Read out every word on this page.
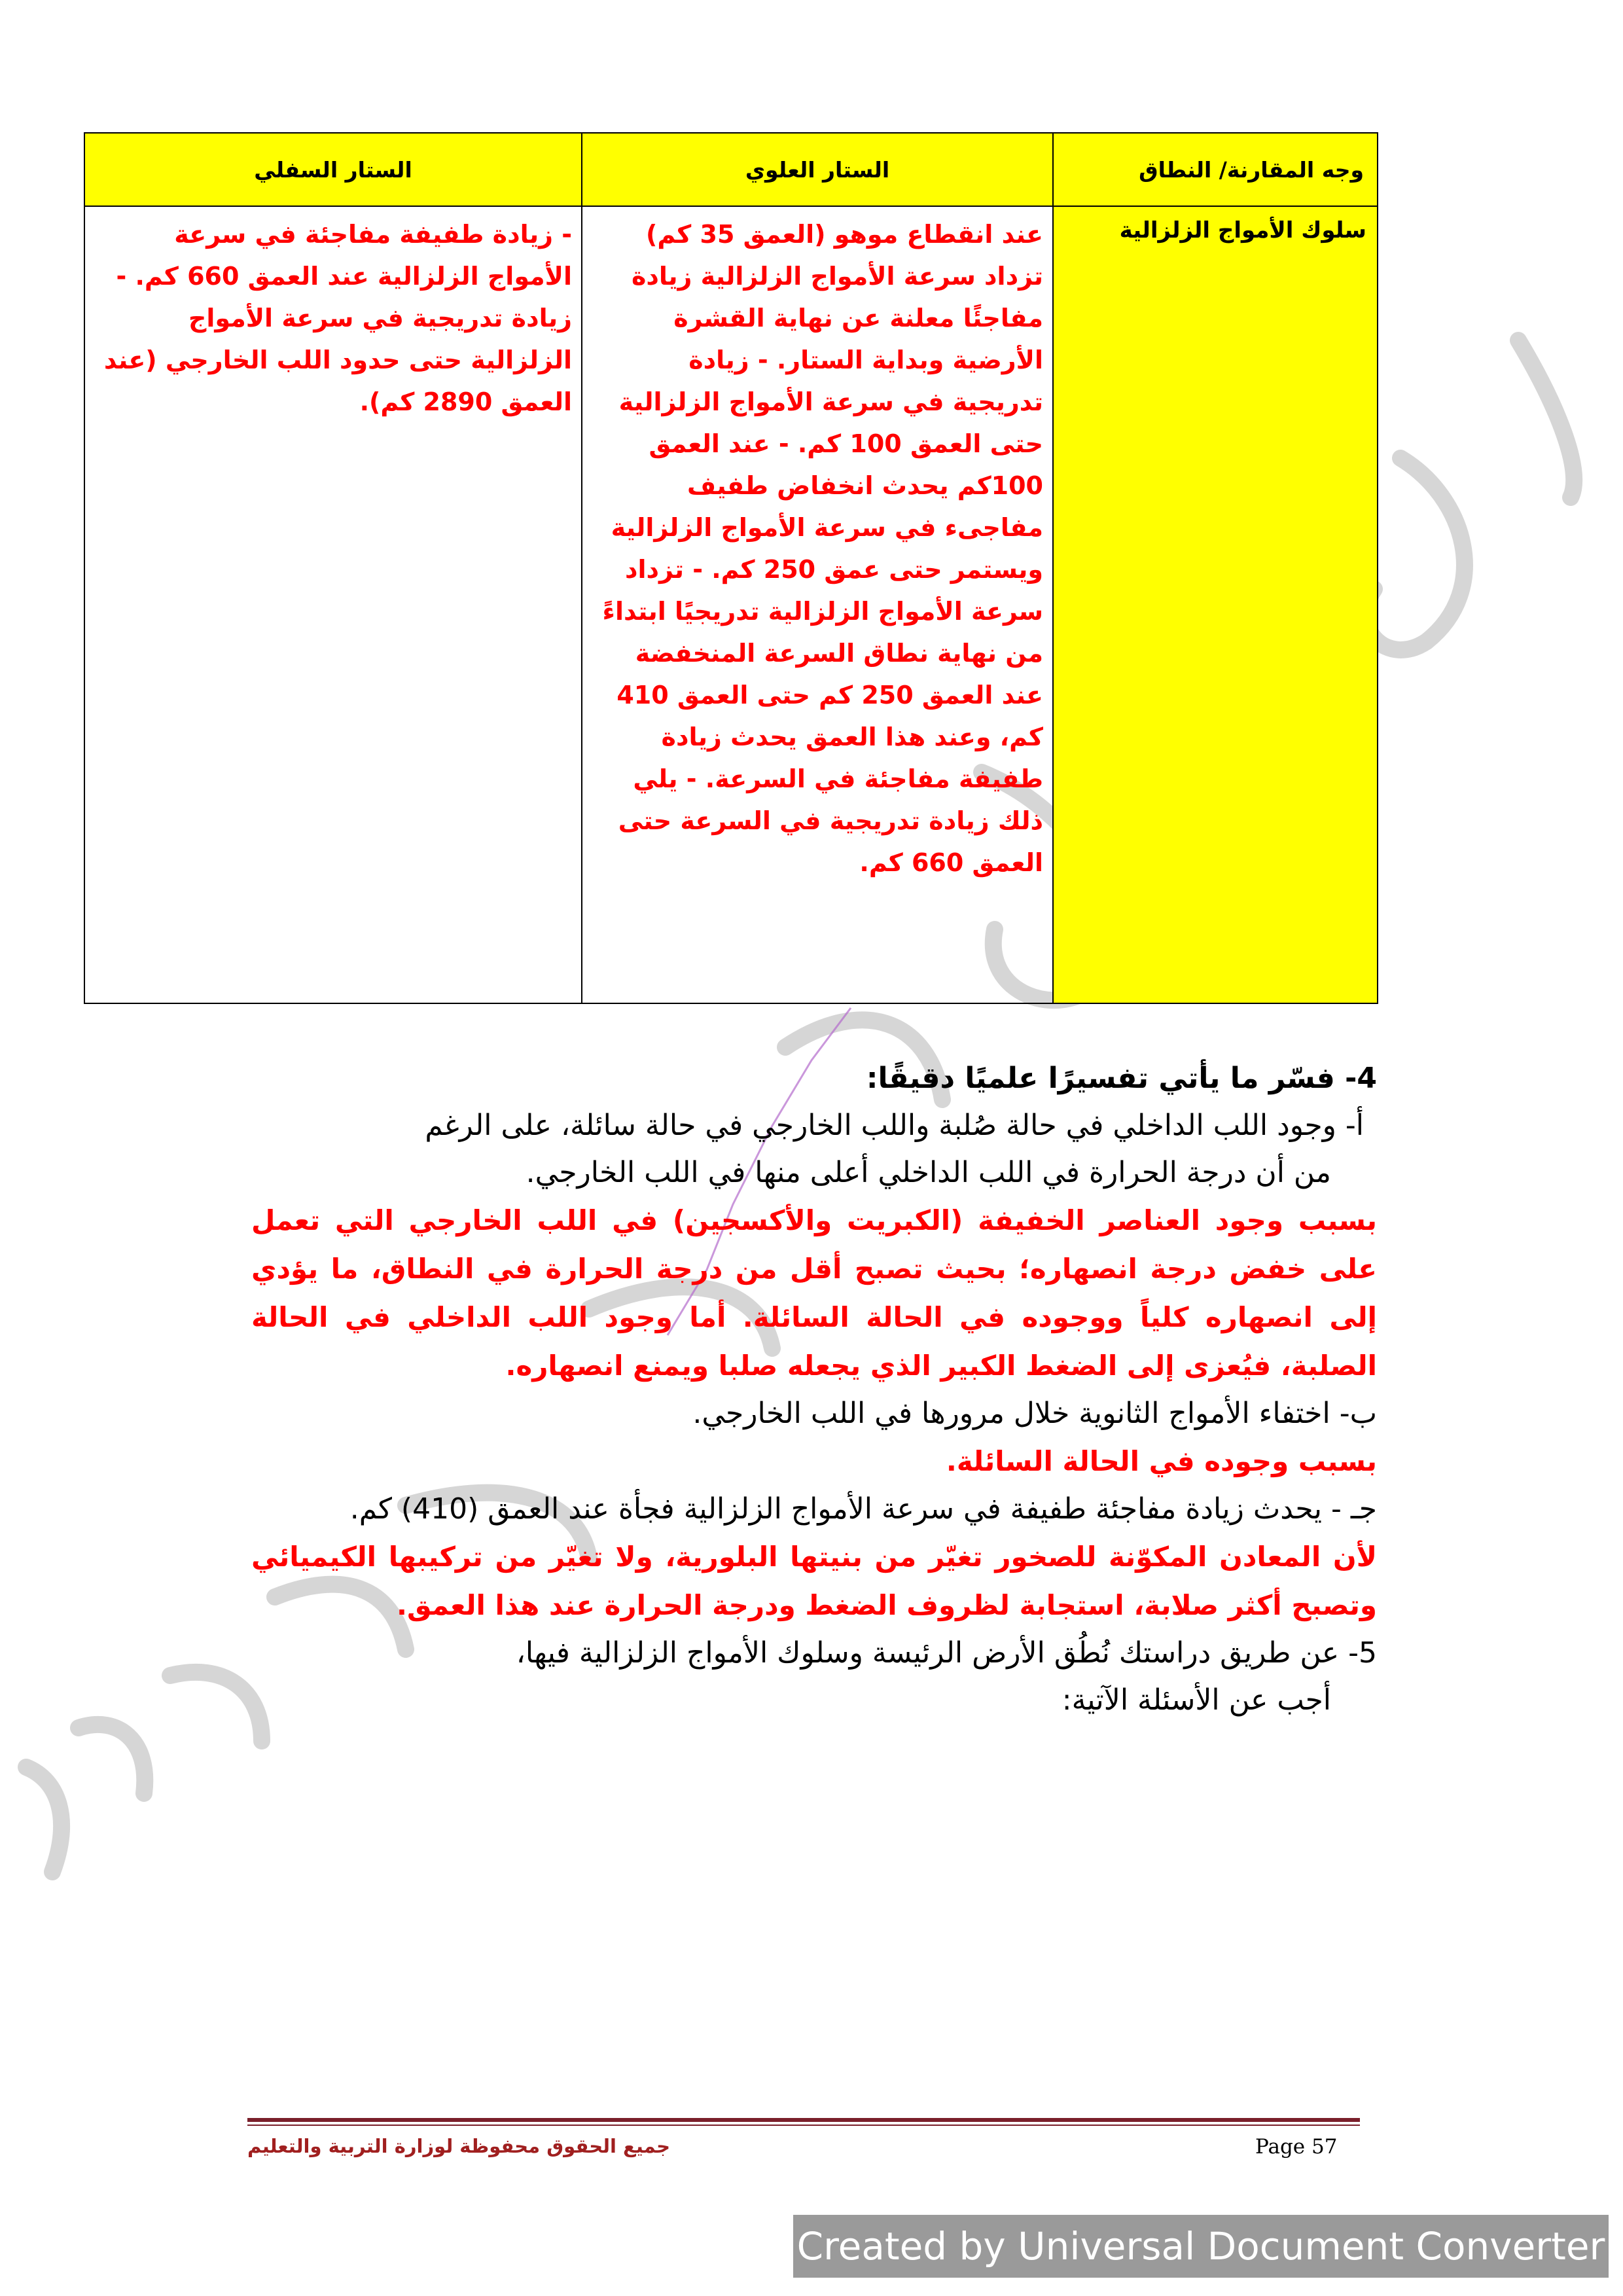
وجه المقارنة/ النطاق	الستار العلوي	الستار السفلي
سلوك الأمواج الزلزالية	عند انقطاع موهو (العمق 35 كم) تزداد سرعة الأمواج الزلزالية زيادة مفاجئًا معلنة عن نهاية القشرة الأرضية وبداية الستار. - زيادة تدريجية في سرعة الأمواج الزلزالية حتى العمق 100 كم. - عند العمق 100كم يحدث انخفاض طفيف مفاجىء في سرعة الأمواج الزلزالية ويستمر حتى عمق 250 كم. - تزداد سرعة الأمواج الزلزالية تدريجيًا ابتداءً من نهاية نطاق السرعة المنخفضة عند العمق 250 كم حتى العمق 410 كم، وعند هذا العمق يحدث زيادة طفيفة مفاجئة في السرعة. - يلي ذلك زيادة تدريجية في السرعة حتى العمق 660 كم.	- زيادة طفيفة مفاجئة في سرعة الأمواج الزلزالية عند العمق 660 كم. - زيادة تدريجية في سرعة الأمواج الزلزالية حتى حدود اللب الخارجي (عند العمق 2890 كم).
4- فسّر ما يأتي تفسيرًا علميًا دقيقًا:
أ- وجود اللب الداخلي في حالة صُلبة واللب الخارجي في حالة سائلة، على الرغم
من أن درجة الحرارة في اللب الداخلي أعلى منها في اللب الخارجي.
بسبب وجود العناصر الخفيفة (الكبريت والأكسجين) في اللب الخارجي التي تعمل على خفض درجة انصهاره؛ بحيث تصبح أقل من درجة الحرارة في النطاق، ما يؤدي إلى انصهاره كلياً ووجوده في الحالة السائلة. أما وجود اللب الداخلي في الحالة الصلبة، فيُعزى إلى الضغط الكبير الذي يجعله صلبا ويمنع انصهاره.
ب- اختفاء الأمواج الثانوية خلال مرورها في اللب الخارجي.
بسبب وجوده في الحالة السائلة.
جـ - يحدث زيادة مفاجئة طفيفة في سرعة الأمواج الزلزالية فجأة عند العمق (410) كم.
لأن المعادن المكوّنة للصخور تغيّر من بنيتها البلورية، ولا تغيّر من تركيبها الكيميائي وتصبح أكثر صلابة، استجابة لظروف الضغط ودرجة الحرارة عند هذا العمق.
5- عن طريق دراستك نُطُق الأرض الرئيسة وسلوك الأمواج الزلزالية فيها،
أجب عن الأسئلة الآتية:
جميع الحقوق محفوظة لوزارة التربية والتعليم	Page 57
Created by Universal Document Converter
